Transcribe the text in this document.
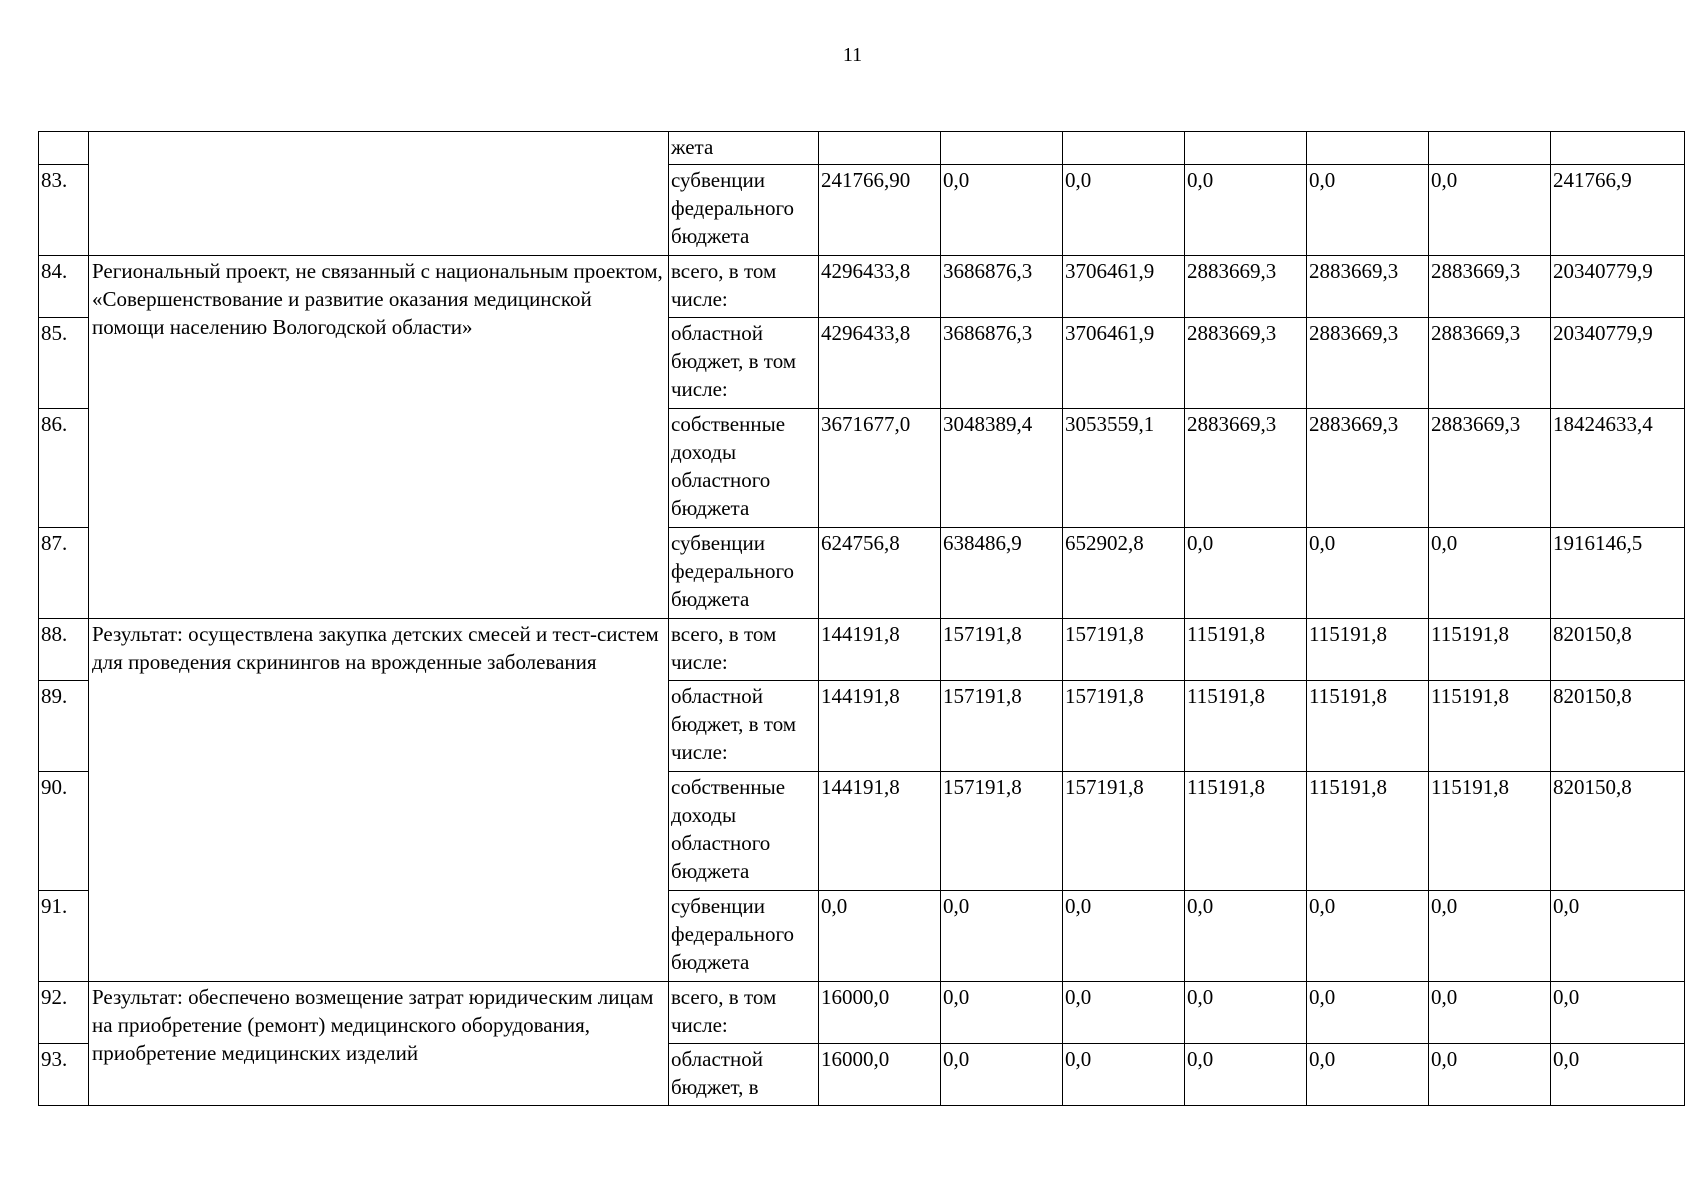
11
		жета							
83.		субвенции федерального бюджета	241766,90	0,0	0,0	0,0	0,0	0,0	241766,9
84.	Региональный проект, не связанный с национальным проектом, «Совершенствование и развитие оказания медицинской помощи населению Вологодской области»	всего, в том числе:	4296433,8	3686876,3	3706461,9	2883669,3	2883669,3	2883669,3	20340779,9
85.		областной бюджет, в том числе:	4296433,8	3686876,3	3706461,9	2883669,3	2883669,3	2883669,3	20340779,9
86.		собственные доходы областного бюджета	3671677,0	3048389,4	3053559,1	2883669,3	2883669,3	2883669,3	18424633,4
87.		субвенции федерального бюджета	624756,8	638486,9	652902,8	0,0	0,0	0,0	1916146,5
88.	Результат: осуществлена закупка детских смесей и тест-систем для проведения скринингов на врожденные заболевания	всего, в том числе:	144191,8	157191,8	157191,8	115191,8	115191,8	115191,8	820150,8
89.		областной бюджет, в том числе:	144191,8	157191,8	157191,8	115191,8	115191,8	115191,8	820150,8
90.		собственные доходы областного бюджета	144191,8	157191,8	157191,8	115191,8	115191,8	115191,8	820150,8
91.		субвенции федерального бюджета	0,0	0,0	0,0	0,0	0,0	0,0	0,0
92.	Результат: обеспечено возмещение затрат юридическим лицам на приобретение (ремонт) медицинского оборудования, приобретение медицинских изделий	всего, в том числе:	16000,0	0,0	0,0	0,0	0,0	0,0	0,0
93.		областной бюджет, в	16000,0	0,0	0,0	0,0	0,0	0,0	0,0
